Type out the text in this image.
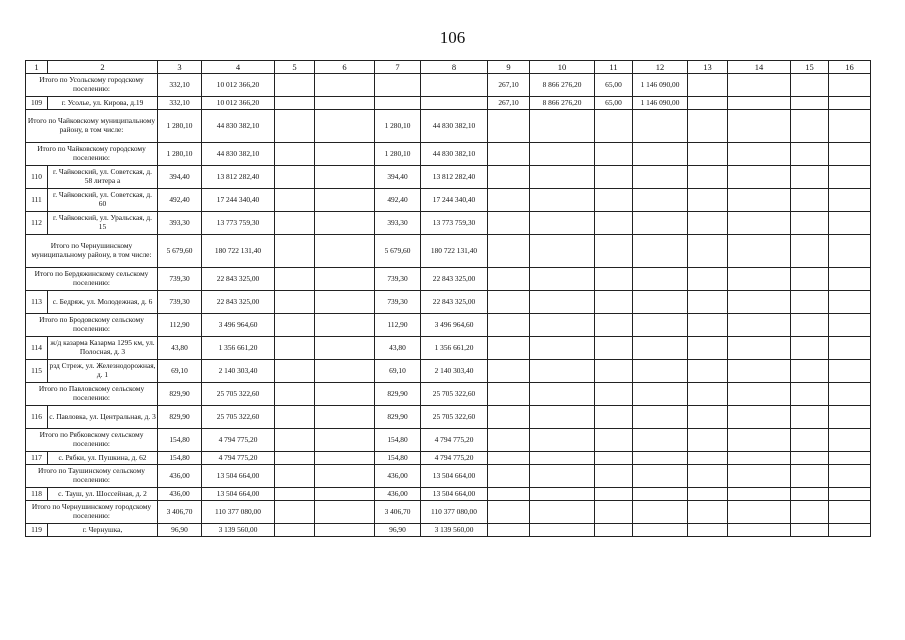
106
1	2	3	4	5	6	7	8	9	10	11	12	13	14	15	16
Итого по Усольскому городскому поселению:		332,10	10 012 366,20					267,10	8 866 276,20	65,00	1 146 090,00				
109	г. Усолье, ул. Кирова, д.19	332,10	10 012 366,20					267,10	8 866 276,20	65,00	1 146 090,00				
Итого по Чайковскому муниципальному району, в том числе:		1 280,10	44 830 382,10			1 280,10	44 830 382,10								
Итого по Чайковскому городскому поселению:		1 280,10	44 830 382,10			1 280,10	44 830 382,10								
110	г. Чайковский, ул. Советская, д. 58 литера а	394,40	13 812 282,40			394,40	13 812 282,40								
111	г. Чайковский, ул. Советская, д. 60	492,40	17 244 340,40			492,40	17 244 340,40								
112	г. Чайковский, ул. Уральская, д. 15	393,30	13 773 759,30			393,30	13 773 759,30								
Итого по Чернушинскому муниципальному району, в том числе:		5 679,60	180 722 131,40			5 679,60	180 722 131,40								
Итого по Бердяжинскому сельскому поселению:		739,30	22 843 325,00			739,30	22 843 325,00								
113	с. Бедряж, ул. Молодежная, д. 6	739,30	22 843 325,00			739,30	22 843 325,00								
Итого по Бродовскому сельскому поселению:		112,90	3 496 964,60			112,90	3 496 964,60								
114	ж/д казарма Казарма 1295 км, ул. Полосная, д. 3	43,80	1 356 661,20			43,80	1 356 661,20								
115	рзд Стреж, ул. Железнодорожная, д. 1	69,10	2 140 303,40			69,10	2 140 303,40								
Итого по Павловскому сельскому поселению:		829,90	25 705 322,60			829,90	25 705 322,60								
116	с. Павловка, ул. Центральная, д. 3	829,90	25 705 322,60			829,90	25 705 322,60								
Итого по Рябковскому сельскому поселению:		154,80	4 794 775,20			154,80	4 794 775,20								
117	с. Рябки, ул. Пушкина, д. 62	154,80	4 794 775,20			154,80	4 794 775,20								
Итого по Таушинскому сельскому поселению:		436,00	13 504 664,00			436,00	13 504 664,00								
118	с. Тауш, ул. Шоссейная, д. 2	436,00	13 504 664,00			436,00	13 504 664,00								
Итого по Чернушинскому городскому поселению:		3 406,70	110 377 080,00			3 406,70	110 377 080,00								
119	г. Чернушка,	96,90	3 139 560,00			96,90	3 139 560,00								
